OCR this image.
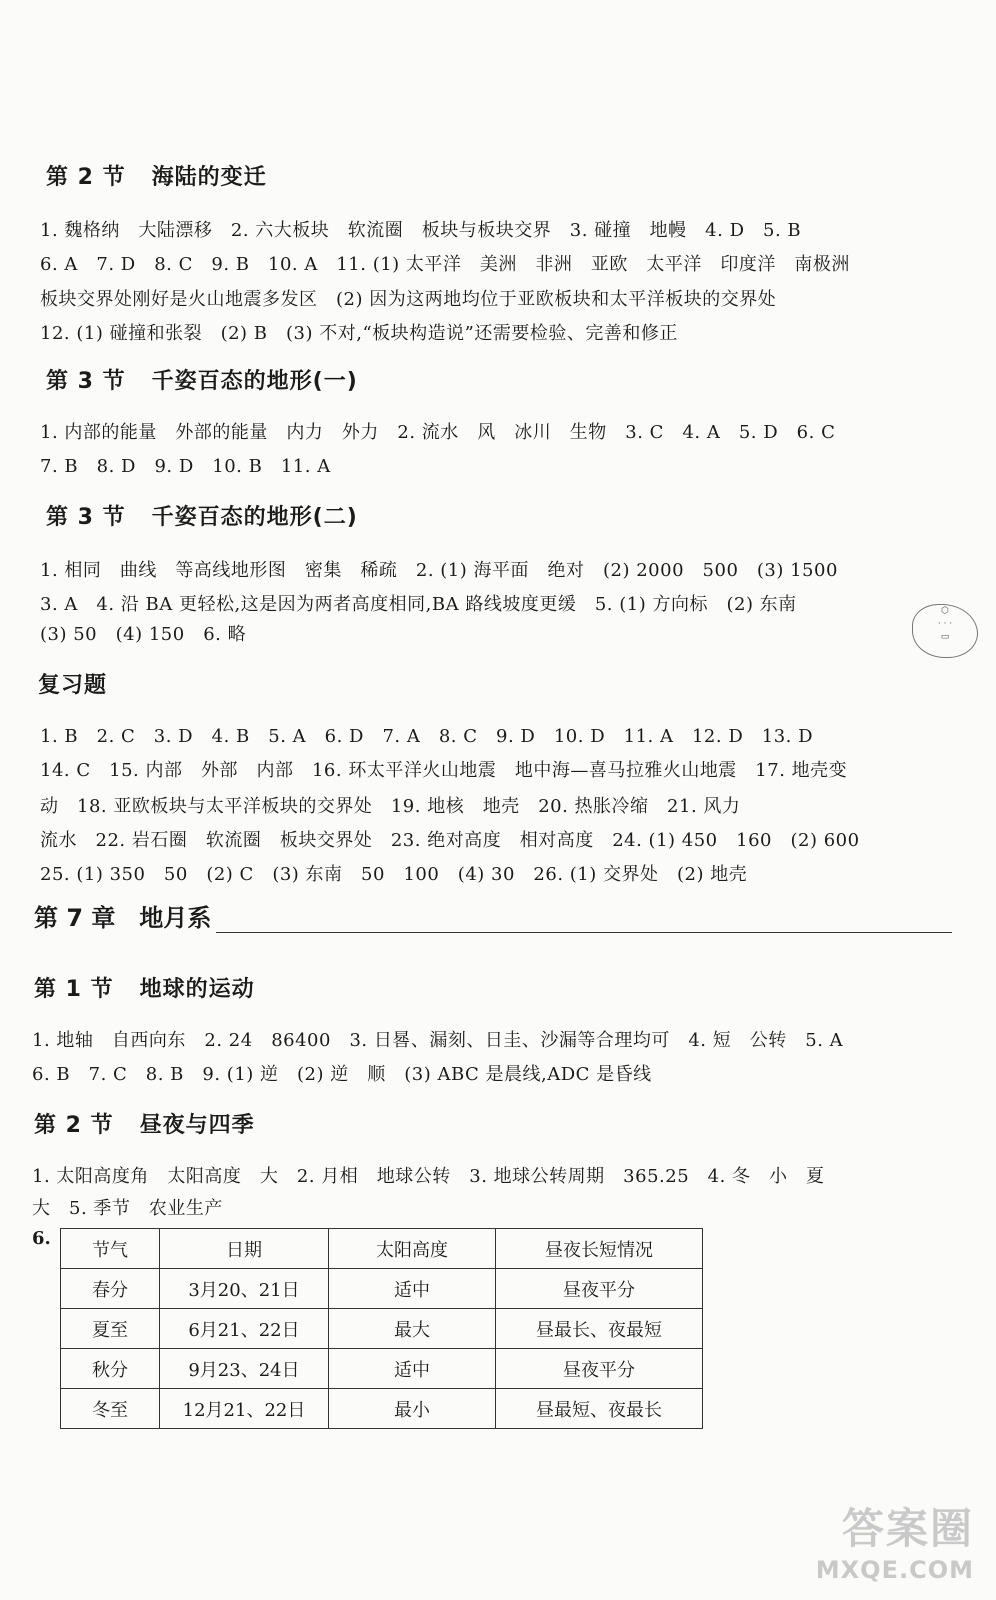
第 2 节 海陆的变迁
1. 魏格纳　大陆漂移　2. 六大板块　软流圈　板块与板块交界　3. 碰撞　地幔　4. D　5. B
6. A　7. D　8. C　9. B　10. A　11. (1) 太平洋　美洲　非洲　亚欧　太平洋　印度洋　南极洲
板块交界处刚好是火山地震多发区　(2) 因为这两地均位于亚欧板块和太平洋板块的交界处
12. (1) 碰撞和张裂　(2) B　(3) 不对,“板块构造说”还需要检验、完善和修正
第 3 节 千姿百态的地形(一)
1. 内部的能量　外部的能量　内力　外力　2. 流水　风　冰川　生物　3. C　4. A　5. D　6. C
7. B　8. D　9. D　10. B　11. A
第 3 节 千姿百态的地形(二)
1. 相同　曲线　等高线地形图　密集　稀疏　2. (1) 海平面　绝对　(2) 2000　500　(3) 1500
3. A　4. 沿 BA 更轻松,这是因为两者高度相同,BA 路线坡度更缓　5. (1) 方向标　(2) 东南
(3) 50　(4) 150　6. 略
⬡
· · ·
▭
复习题
1. B　2. C　3. D　4. B　5. A　6. D　7. A　8. C　9. D　10. D　11. A　12. D　13. D
14. C　15. 内部　外部　内部　16. 环太平洋火山地震　地中海—喜马拉雅火山地震　17. 地壳变
动　18. 亚欧板块与太平洋板块的交界处　19. 地核　地壳　20. 热胀冷缩　21. 风力
流水　22. 岩石圈　软流圈　板块交界处　23. 绝对高度　相对高度　24. (1) 450　160　(2) 600
25. (1) 350　50　(2) C　(3) 东南　50　100　(4) 30　26. (1) 交界处　(2) 地壳
第 7 章　地月系
第 1 节 地球的运动
1. 地轴　自西向东　2. 24　86400　3. 日晷、漏刻、日圭、沙漏等合理均可　4. 短　公转　5. A
6. B　7. C　8. B　9. (1) 逆　(2) 逆　顺　(3) ABC 是晨线,ADC 是昏线
第 2 节 昼夜与四季
1. 太阳高度角　太阳高度　大　2. 月相　地球公转　3. 地球公转周期　365.25　4. 冬　小　夏
大　5. 季节　农业生产
6.
节气	日期	太阳高度	昼夜长短情况
春分	3月20、21日	适中	昼夜平分
夏至	6月21、22日	最大	昼最长、夜最短
秋分	9月23、24日	适中	昼夜平分
冬至	12月21、22日	最小	昼最短、夜最长
答案圈
MXQE.COM
